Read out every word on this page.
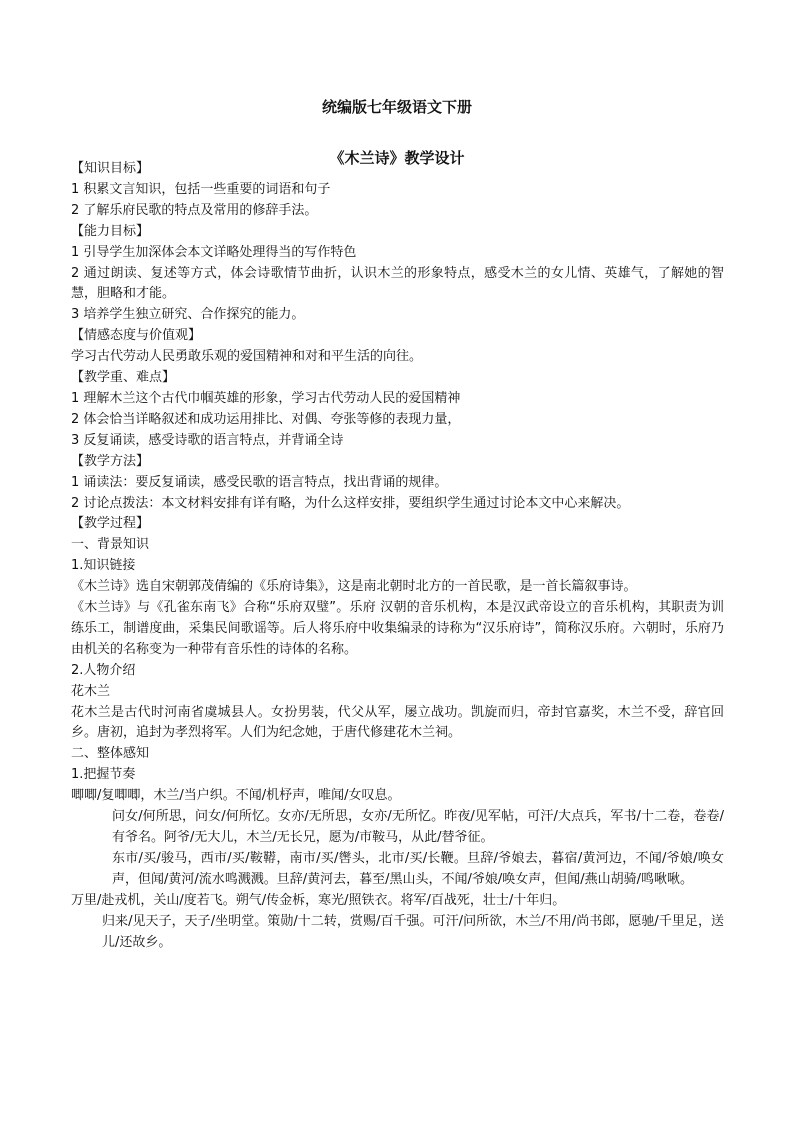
统编版七年级语文下册
《木兰诗》教学设计
【知识目标】
1 积累文言知识，包括一些重要的词语和句子
2 了解乐府民歌的特点及常用的修辞手法。
【能力目标】
1 引导学生加深体会本文详略处理得当的写作特色
2 通过朗读、复述等方式，体会诗歌情节曲折，认识木兰的形象特点，感受木兰的女儿情、英雄气，了解她的智慧，胆略和才能。
3 培养学生独立研究、合作探究的能力。
【情感态度与价值观】
学习古代劳动人民勇敢乐观的爱国精神和对和平生活的向往。
【教学重、难点】
1 理解木兰这个古代巾帼英雄的形象，学习古代劳动人民的爱国精神
2 体会恰当详略叙述和成功运用排比、对偶、夸张等修的表现力量，
3 反复诵读，感受诗歌的语言特点，并背诵全诗
【教学方法】
1 诵读法：要反复诵读，感受民歌的语言特点，找出背诵的规律。
2 讨论点拨法：本文材料安排有详有略，为什么这样安排，要组织学生通过讨论本文中心来解决。
【教学过程】
一、背景知识
1.知识链接
《木兰诗》选自宋朝郭茂倩编的《乐府诗集》，这是南北朝时北方的一首民歌，是一首长篇叙事诗。
《木兰诗》与《孔雀东南飞》合称“乐府双璧”。乐府 汉朝的音乐机构，本是汉武帝设立的音乐机构，其职责为训练乐工，制谱度曲，采集民间歌谣等。后人将乐府中收集编录的诗称为“汉乐府诗”，简称汉乐府。六朝时，乐府乃由机关的名称变为一种带有音乐性的诗体的名称。
2.人物介绍
花木兰
花木兰是古代时河南省虞城县人。女扮男装，代父从军，屡立战功。凯旋而归，帝封官嘉奖，木兰不受，辞官回乡。唐初，追封为孝烈将军。人们为纪念她，于唐代修建花木兰祠。
二、整体感知
1.把握节奏
唧唧/复唧唧，木兰/当户织。不闻/机杼声，唯闻/女叹息。
问女/何所思，问女/何所忆。女亦/无所思，女亦/无所忆。昨夜/见军帖，可汗/大点兵，军书/十二卷，卷卷/有爷名。阿爷/无大儿，木兰/无长兄，愿为/市鞍马，从此/替爷征。
东市/买/骏马，西市/买/鞍鞯，南市/买/辔头，北市/买/长鞭。旦辞/爷娘去，暮宿/黄河边，不闻/爷娘/唤女声，但闻/黄河/流水鸣溅溅。旦辞/黄河去，暮至/黑山头，不闻/爷娘/唤女声，但闻/燕山胡骑/鸣啾啾。
万里/赴戎机，关山/度若飞。朔气/传金柝，寒光/照铁衣。将军/百战死，壮士/十年归。
归来/见天子，天子/坐明堂。策勋/十二转，赏赐/百千强。可汗/问所欲，木兰/不用/尚书郎，愿驰/千里足，送儿/还故乡。
